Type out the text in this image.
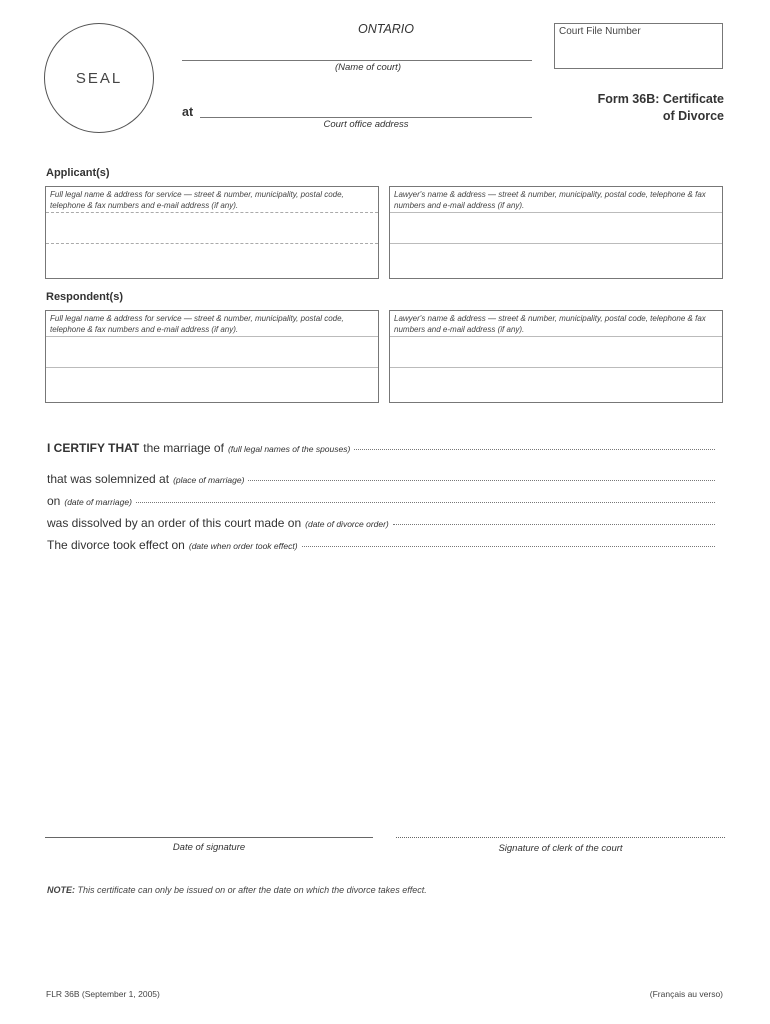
SEAL
ONTARIO
(Name of court)
Court File Number
Form 36B: Certificate
of Divorce
at
Court office address
Applicant(s)
Full legal name & address for service — street & number, municipality, postal code, telephone & fax numbers and e-mail address (if any).
Lawyer's name & address — street & number, municipality, postal code, telephone & fax numbers and e-mail address (if any).
Respondent(s)
Full legal name & address for service — street & number, municipality, postal code, telephone & fax numbers and e-mail address (if any).
Lawyer's name & address — street & number, municipality, postal code, telephone & fax numbers and e-mail address (if any).
I CERTIFY THAT the marriage of (full legal names of the spouses)
that was solemnized at (place of marriage)
on (date of marriage)
was dissolved by an order of this court made on (date of divorce order)
The divorce took effect on (date when order took effect)
Date of signature	Signature of clerk of the court
NOTE: This certificate can only be issued on or after the date on which the divorce takes effect.
FLR 36B (September 1, 2005)	(Français au verso)
